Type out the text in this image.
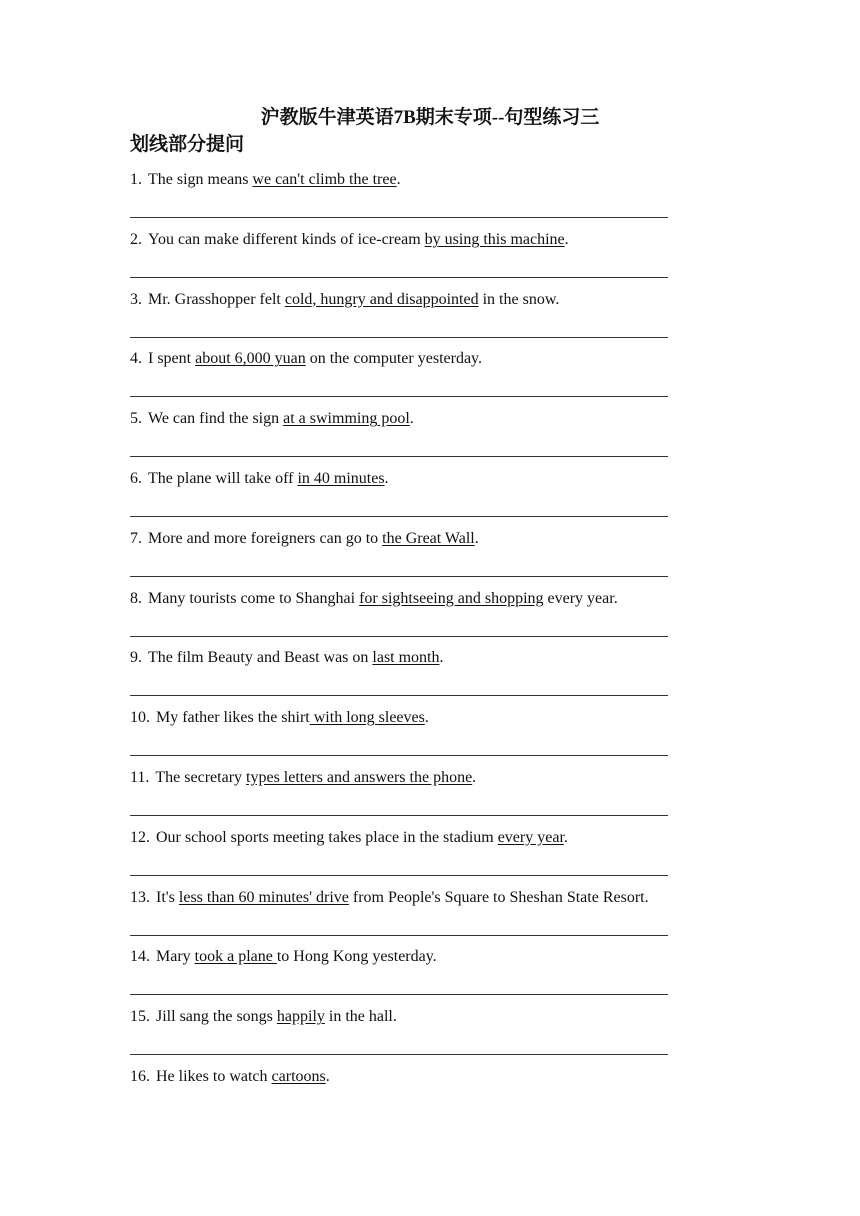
沪教版牛津英语7B期末专项--句型练习三
划线部分提问
1. The sign means we can't climb the tree.
2. You can make different kinds of ice-cream by using this machine.
3. Mr. Grasshopper felt cold, hungry and disappointed in the snow.
4. I spent about 6,000 yuan on the computer yesterday.
5. We can find the sign at a swimming pool.
6. The plane will take off in 40 minutes.
7. More and more foreigners can go to the Great Wall.
8. Many tourists come to Shanghai for sightseeing and shopping every year.
9. The film Beauty and Beast was on last month.
10. My father likes the shirt with long sleeves.
11. The secretary types letters and answers the phone.
12. Our school sports meeting takes place in the stadium every year.
13. It's less than 60 minutes' drive from People's Square to Sheshan State Resort.
14. Mary took a plane to Hong Kong yesterday.
15. Jill sang the songs happily in the hall.
16. He likes to watch cartoons.
